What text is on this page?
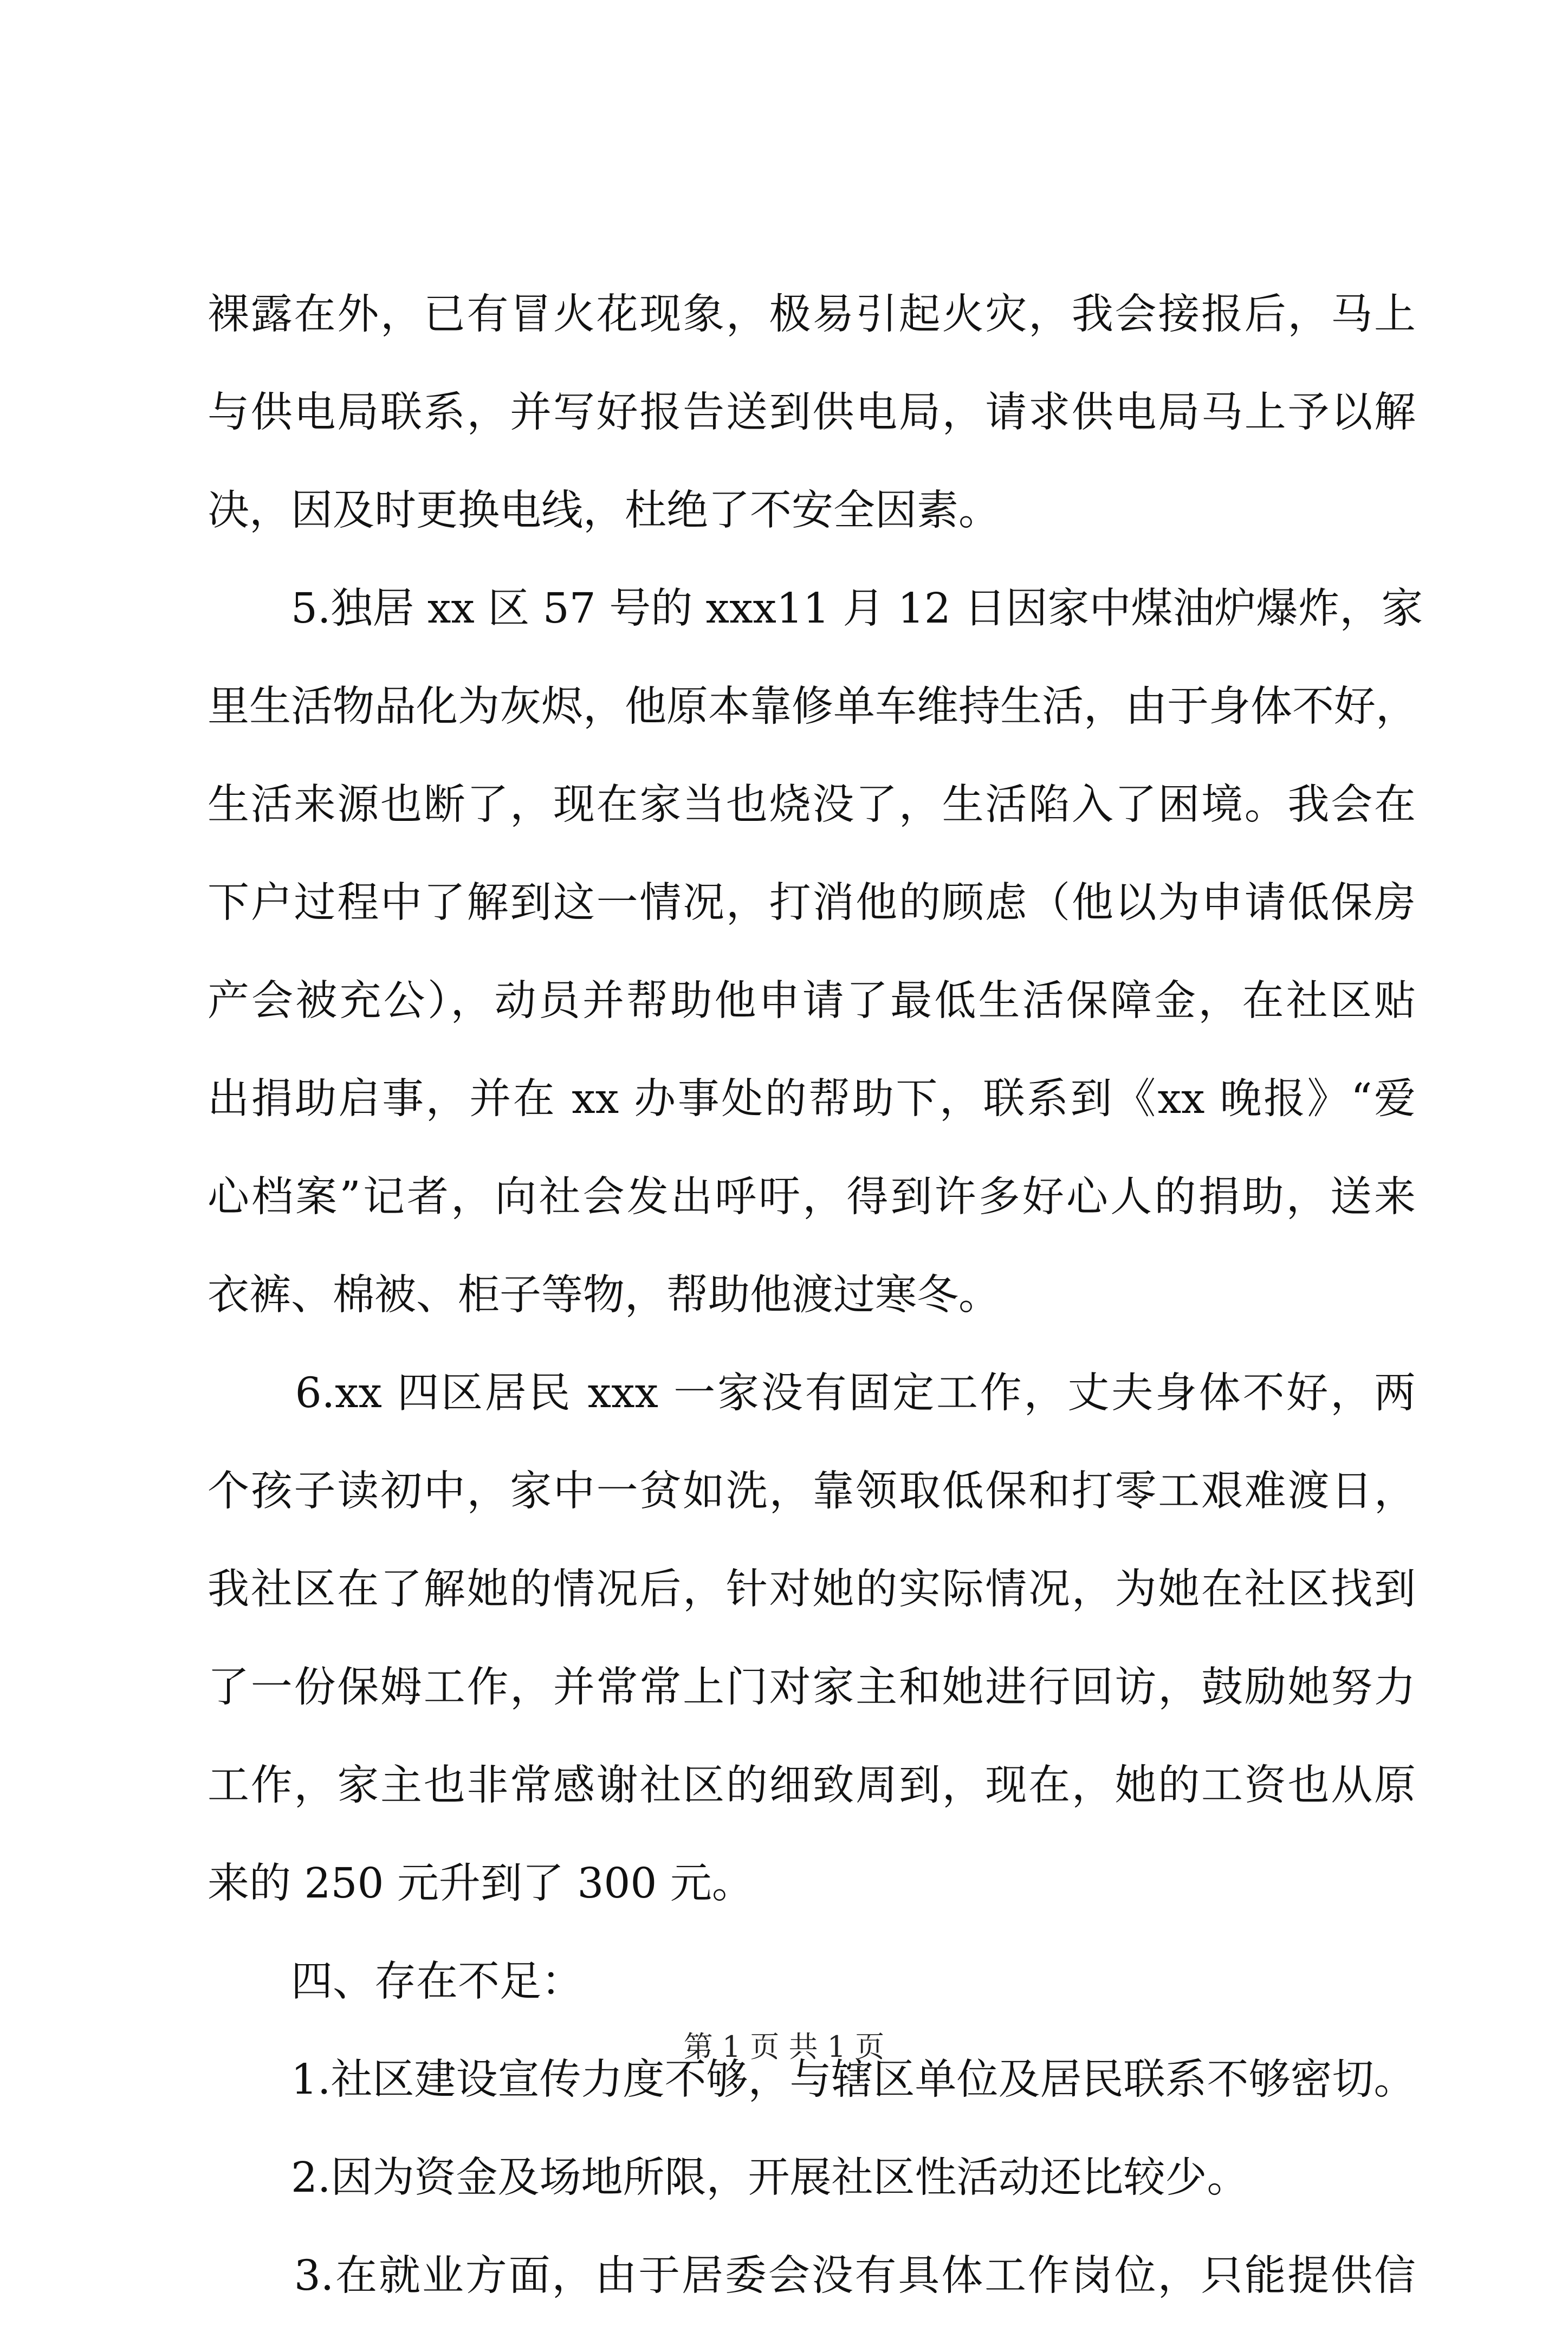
裸露在外，已有冒火花现象，极易引起火灾，我会接报后，马上
与供电局联系，并写好报告送到供电局，请求供电局马上予以解
决，因及时更换电线，杜绝了不安全因素。
　　5.独居 xx 区 57 号的 xxx11 月 12 日因家中煤油炉爆炸，家
里生活物品化为灰烬，他原本靠修单车维持生活，由于身体不好，
生活来源也断了，现在家当也烧没了，生活陷入了困境。我会在
下户过程中了解到这一情况，打消他的顾虑（他以为申请低保房
产会被充公），动员并帮助他申请了最低生活保障金，在社区贴
出捐助启事，并在 xx 办事处的帮助下，联系到《xx 晚报》“爱
心档案”记者，向社会发出呼吁，得到许多好心人的捐助，送来
衣裤、棉被、柜子等物，帮助他渡过寒冬。
　　6.xx 四区居民 xxx 一家没有固定工作，丈夫身体不好，两
个孩子读初中，家中一贫如洗，靠领取低保和打零工艰难渡日，
我社区在了解她的情况后，针对她的实际情况，为她在社区找到
了一份保姆工作，并常常上门对家主和她进行回访，鼓励她努力
工作，家主也非常感谢社区的细致周到，现在，她的工资也从原
来的 250 元升到了 300 元。
　　四、存在不足：
　　1.社区建设宣传力度不够，与辖区单位及居民联系不够密切。
　　2.因为资金及场地所限，开展社区性活动还比较少。
　　3.在就业方面，由于居委会没有具体工作岗位，只能提供信
第 1 页 共 1 页
